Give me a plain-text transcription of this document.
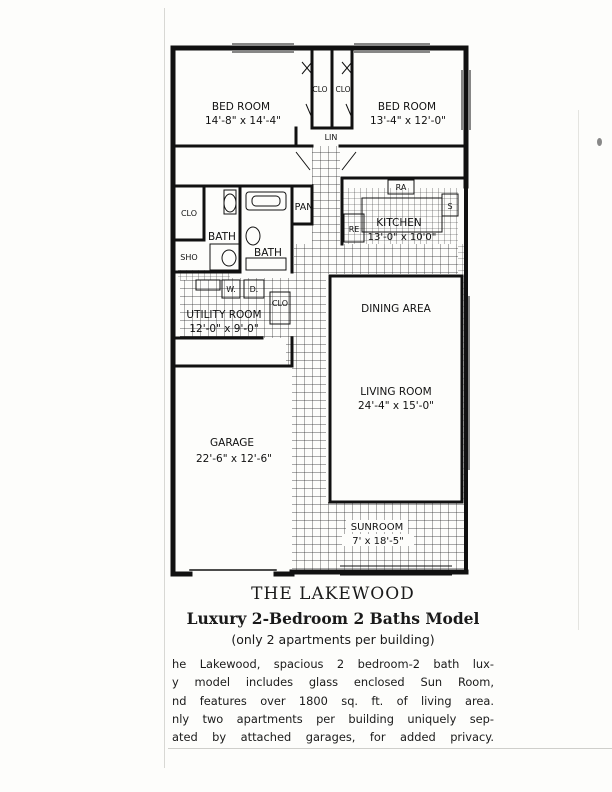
BED ROOM
14'-8" x 14'-4"
BED ROOM
13'-4" x 12'-0"
CLO CLO
LIN
PAN
RA
RE
S
KITCHEN
13'-0" x 10'0"
CLO
BATH
BATH
SHO
W. D.
CLO
UTILITY ROOM
12'-0" x 9'-0"
DINING AREA
LIVING ROOM
24'-4" x 15'-0"
GARAGE
22'-6" x 12'-6"
SUNROOM
7' x 18'-5"
THE LAKEWOOD
Luxury 2-Bedroom 2 Baths Model
(only 2 apartments per building)
he Lakewood, spacious 2 bedroom-2 bath lux-
y model includes glass enclosed Sun Room,
nd features over 1800 sq. ft. of living area.
nly two apartments per building uniquely sep-
ated by attached garages, for added privacy.
